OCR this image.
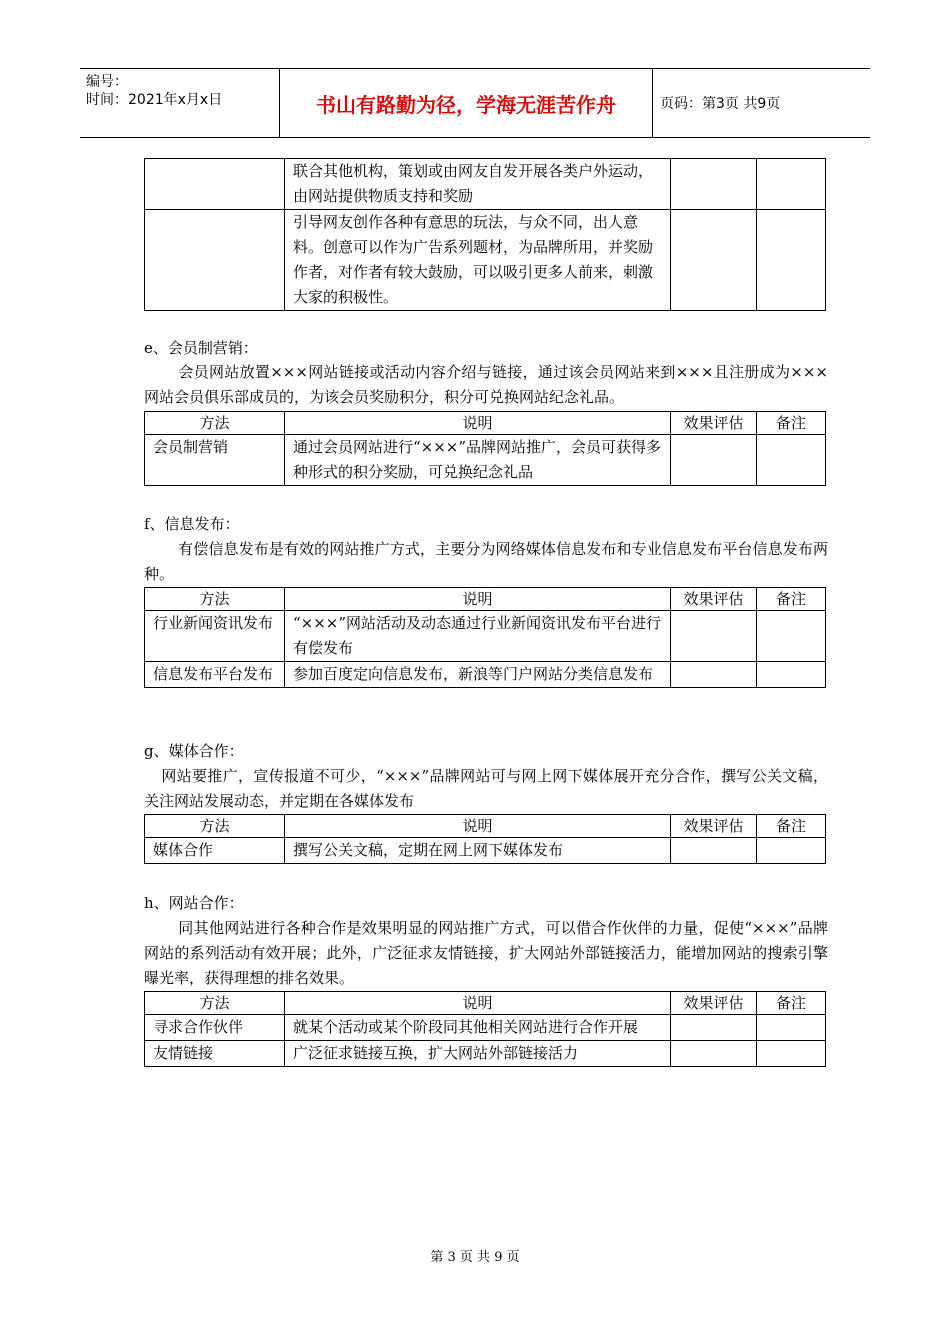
编号：
时间：2021年x月x日	书山有路勤为径，学海无涯苦作舟	页码：第3页 共9页
	联合其他机构，策划或由网友自发开展各类户外运动，由网站提供物质支持和奖励		
	引导网友创作各种有意思的玩法，与众不同，出人意料。创意可以作为广告系列题材，为品牌所用，并奖励作者，对作者有较大鼓励，可以吸引更多人前来，刺激大家的积极性。		
e、会员制营销：
会员网站放置×××网站链接或活动内容介绍与链接，通过该会员网站来到×××且注册成为×××网站会员俱乐部成员的，为该会员奖励积分，积分可兑换网站纪念礼品。
方法	说明	效果评估	备注
会员制营销	通过会员网站进行“×××”品牌网站推广，会员可获得多种形式的积分奖励，可兑换纪念礼品		
f、信息发布：
有偿信息发布是有效的网站推广方式，主要分为网络媒体信息发布和专业信息发布平台信息发布两种。
方法	说明	效果评估	备注
行业新闻资讯发布	“×××”网站活动及动态通过行业新闻资讯发布平台进行有偿发布		
信息发布平台发布	参加百度定向信息发布，新浪等门户网站分类信息发布		
g、媒体合作：
网站要推广，宣传报道不可少，“×××”品牌网站可与网上网下媒体展开充分合作，撰写公关文稿，关注网站发展动态，并定期在各媒体发布
方法	说明	效果评估	备注
媒体合作	撰写公关文稿，定期在网上网下媒体发布		
h、网站合作：
同其他网站进行各种合作是效果明显的网站推广方式，可以借合作伙伴的力量，促使“×××”品牌网站的系列活动有效开展；此外，广泛征求友情链接，扩大网站外部链接活力，能增加网站的搜索引擎曝光率，获得理想的排名效果。
方法	说明	效果评估	备注
寻求合作伙伴	就某个活动或某个阶段同其他相关网站进行合作开展		
友情链接	广泛征求链接互换，扩大网站外部链接活力		
第 3 页 共 9 页
